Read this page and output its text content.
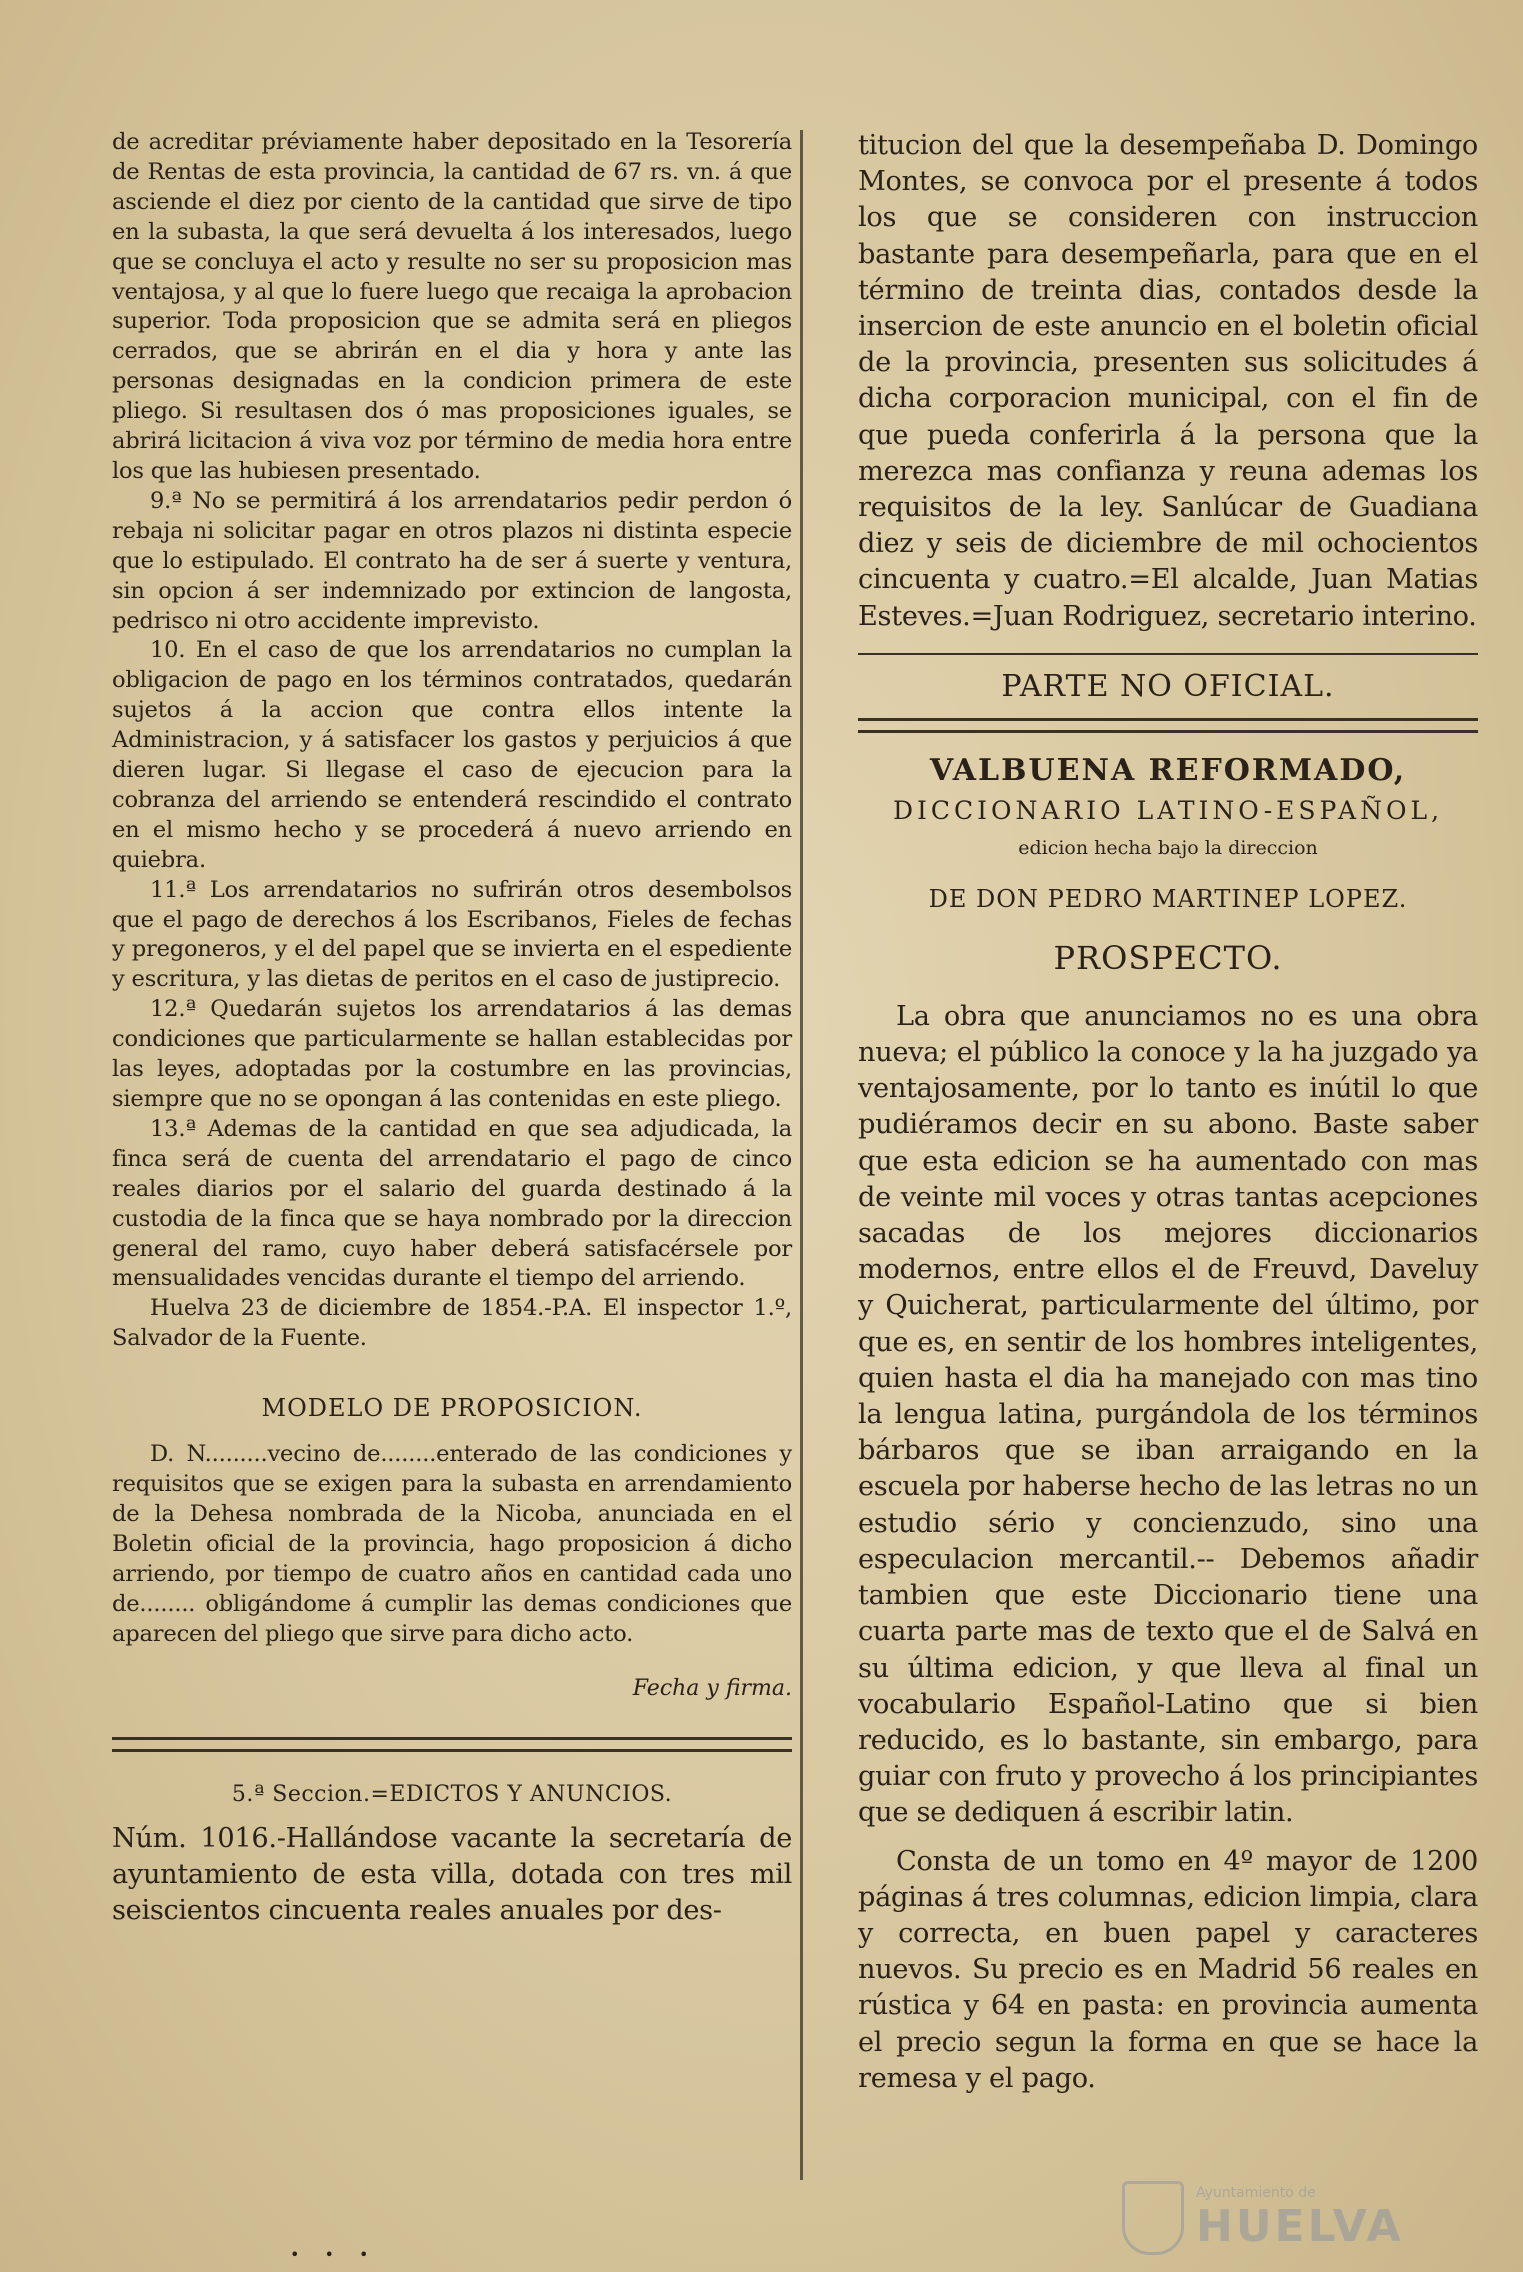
de acreditar préviamente haber depositado en la Tesorería de Rentas de esta provincia, la cantidad de 67 rs. vn. á que asciende el diez por ciento de la cantidad que sirve de tipo en la subasta, la que será devuelta á los interesados, luego que se concluya el acto y resulte no ser su proposicion mas ventajosa, y al que lo fuere luego que recaiga la aprobacion superior. Toda proposicion que se admita será en pliegos cerrados, que se abrirán en el dia y hora y ante las personas designadas en la condicion primera de este pliego. Si resultasen dos ó mas proposiciones iguales, se abrirá licitacion á viva voz por término de media hora entre los que las hubiesen presentado.

9.ª No se permitirá á los arrendatarios pedir perdon ó rebaja ni solicitar pagar en otros plazos ni distinta especie que lo estipulado. El contrato ha de ser á suerte y ventura, sin opcion á ser indemnizado por extincion de langosta, pedrisco ni otro accidente imprevisto.

10. En el caso de que los arrendatarios no cumplan la obligacion de pago en los términos contratados, quedarán sujetos á la accion que contra ellos intente la Administracion, y á satisfacer los gastos y perjuicios á que dieren lugar. Si llegase el caso de ejecucion para la cobranza del arriendo se entenderá rescindido el contrato en el mismo hecho y se procederá á nuevo arriendo en quiebra.

11.ª Los arrendatarios no sufrirán otros desembolsos que el pago de derechos á los Escribanos, Fieles de fechas y pregoneros, y el del papel que se invierta en el espediente y escritura, y las dietas de peritos en el caso de justiprecio.

12.ª Quedarán sujetos los arrendatarios á las demas condiciones que particularmente se hallan establecidas por las leyes, adoptadas por la costumbre en las provincias, siempre que no se opongan á las contenidas en este pliego.

13.ª Ademas de la cantidad en que sea adjudicada, la finca será de cuenta del arrendatario el pago de cinco reales diarios por el salario del guarda destinado á la custodia de la finca que se haya nombrado por la direccion general del ramo, cuyo haber deberá satisfacérsele por mensualidades vencidas durante el tiempo del arriendo.

Huelva 23 de diciembre de 1854.-P.A. El inspector 1.º, Salvador de la Fuente.

MODELO DE PROPOSICION.

D. N.........vecino de........enterado de las condiciones y requisitos que se exigen para la subasta en arrendamiento de la Dehesa nombrada de la Nicoba, anunciada en el Boletin oficial de la provincia, hago proposicion á dicho arriendo, por tiempo de cuatro años en cantidad cada uno de........ obligándome á cumplir las demas condiciones que aparecen del pliego que sirve para dicho acto.

Fecha y firma.
5.ª Seccion.=EDICTOS Y ANUNCIOS.

Núm. 1016.-Hallándose vacante la secretaría de ayuntamiento de esta villa, dotada con tres mil seiscientos cincuenta reales anuales por des-

titucion del que la desempeñaba D. Domingo Montes, se convoca por el presente á todos los que se consideren con instruccion bastante para desempeñarla, para que en el término de treinta dias, contados desde la insercion de este anuncio en el boletin oficial de la provincia, presenten sus solicitudes á dicha corporacion municipal, con el fin de que pueda conferirla á la persona que la merezca mas confianza y reuna ademas los requisitos de la ley. Sanlúcar de Guadiana diez y seis de diciembre de mil ochocientos cincuenta y cuatro.=El alcalde, Juan Matias Esteves.=Juan Rodriguez, secretario interino.

PARTE NO OFICIAL.
VALBUENA REFORMADO,
DICCIONARIO LATINO-ESPAÑOL,
edicion hecha bajo la direccion
DE DON PEDRO MARTINEP LOPEZ.
PROSPECTO.

La obra que anunciamos no es una obra nueva; el público la conoce y la ha juzgado ya ventajosamente, por lo tanto es inútil lo que pudiéramos decir en su abono. Baste saber que esta edicion se ha aumentado con mas de veinte mil voces y otras tantas acepciones sacadas de los mejores diccionarios modernos, entre ellos el de Freuvd, Daveluy y Quicherat, particularmente del último, por que es, en sentir de los hombres inteligentes, quien hasta el dia ha manejado con mas tino la lengua latina, purgándola de los términos bárbaros que se iban arraigando en la escuela por haberse hecho de las letras no un estudio sério y concienzudo, sino una especulacion mercantil.-- Debemos añadir tambien que este Diccionario tiene una cuarta parte mas de texto que el de Salvá en su última edicion, y que lleva al final un vocabulario Español-Latino que si bien reducido, es lo bastante, sin embargo, para guiar con fruto y provecho á los principiantes que se dediquen á escribir latin.

Consta de un tomo en 4º mayor de 1200 páginas á tres columnas, edicion limpia, clara y correcta, en buen papel y caracteres nuevos. Su precio es en Madrid 56 reales en rústica y 64 en pasta: en provincia aumenta el precio segun la forma en que se hace la remesa y el pago.

• • •
Ayuntamiento de
HUELVA
